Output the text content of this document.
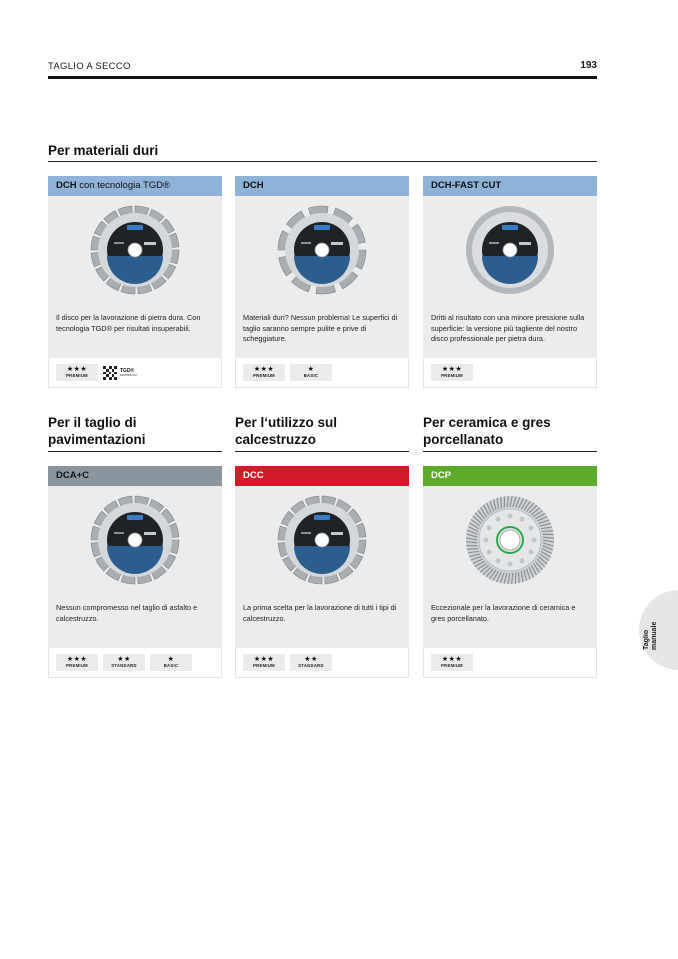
TAGLIO A SECCO	193
Per materiali duri
Per il taglio di
pavimentazioni
Per l‘utilizzo sul
calcestruzzo
Per ceramica e gres
porcellanato
DCH con tecnologia TGD®
Il disco per la lavorazione di pietra dura. Con tecnologia TGD® per risultati insuperabili.
★★★
PREMIUM
TGD®
TECHNOLOGY
DCH
Materiali duri? Nessun problema! Le superfici di taglio saranno sempre pulite e prive di scheggiature.
★★★
PREMIUM
★
BASIC
DCH-FAST CUT
Dritti al risultato con una minore pressione sulla superficie: la versione più tagliente del nostro disco professionale per pietra dura.
★★★
PREMIUM
DCA+C
Nessun compromesso nel taglio di asfalto e calcestruzzo.
★★★
PREMIUM
★★
STANDARD
★
BASIC
DCC
La prima scelta per la lavorazione di tutti i tipi di calcestruzzo.
★★★
PREMIUM
★★
STANDARD
DCP
Eccezionale per la lavorazione di ceramica e gres porcellanato.
★★★
PREMIUM
Taglio
manuale
